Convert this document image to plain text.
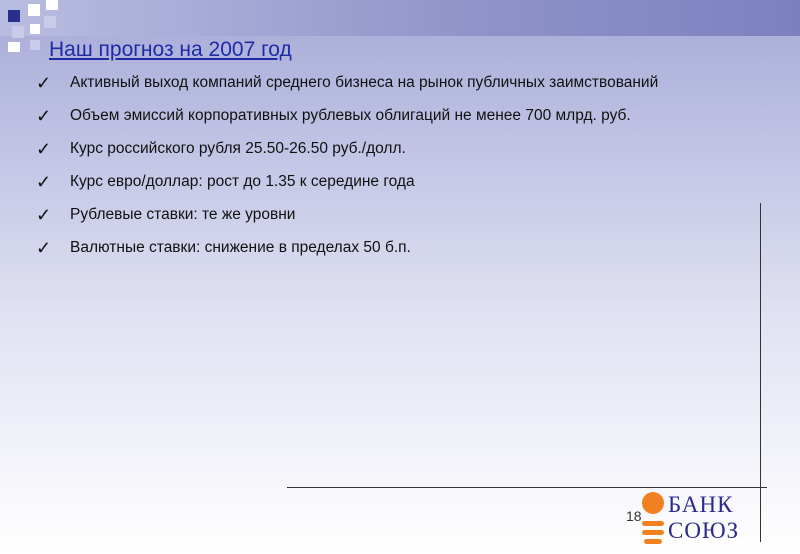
Наш прогноз на 2007 год
✓	Активный выход компаний среднего бизнеса на рынок публичных заимствований
✓	Объем эмиссий корпоративных рублевых облигаций не менее 700 млрд. руб.
✓	Курс российского рубля 25.50-26.50 руб./долл.
✓	Курс евро/доллар: рост до 1.35 к середине года
✓	Рублевые ставки: те же уровни
✓	Валютные ставки: снижение в пределах 50 б.п.
18 БАНК
СОЮЗ
